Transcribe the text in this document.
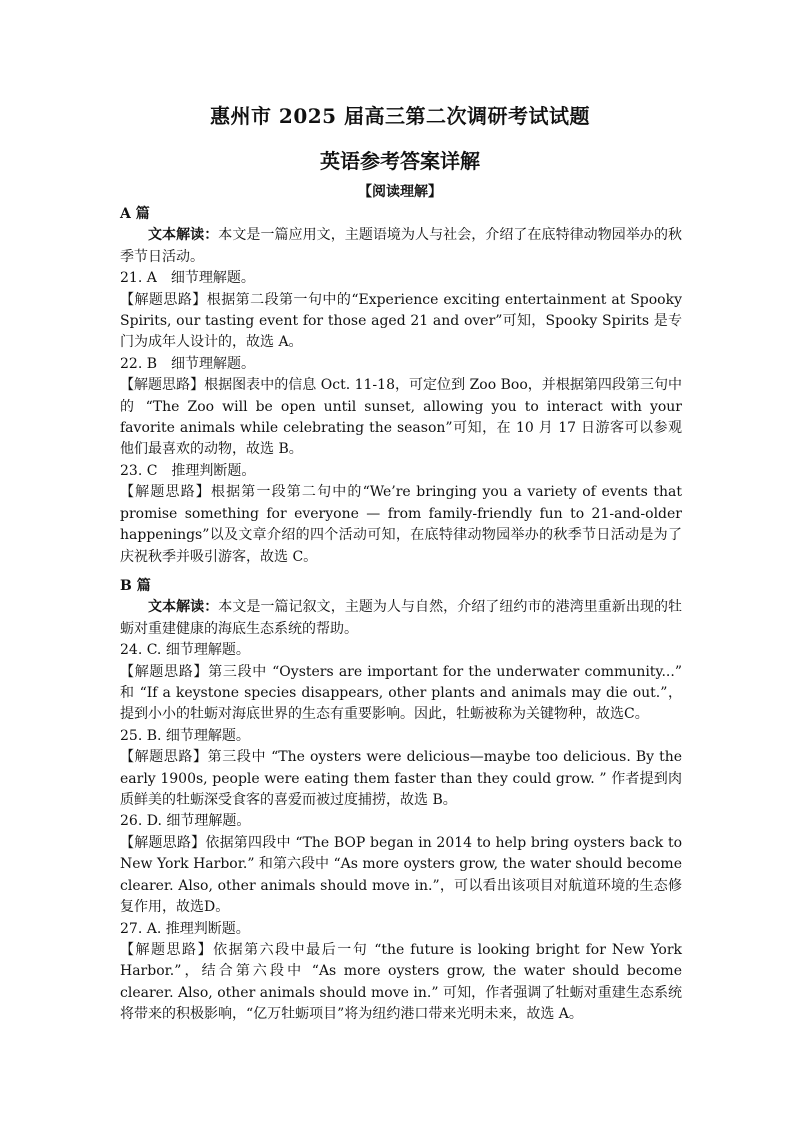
惠州市 2025 届高三第二次调研考试试题
英语参考答案详解
【阅读理解】

A 篇

文本解读：本文是一篇应用文，主题语境为人与社会，介绍了在底特律动物园举办的秋季节日活动。

21. A　细节理解题。

【解题思路】根据第二段第一句中的“Experience exciting entertainment at Spooky Spirits, our tasting event for those aged 21 and over”可知，Spooky Spirits 是专门为成年人设计的，故选 A。

22. B　细节理解题。

【解题思路】根据图表中的信息 Oct. 11-18，可定位到 Zoo Boo，并根据第四段第三句中的 “The Zoo will be open until sunset, allowing you to interact with your favorite animals while celebrating the season”可知，在 10 月 17 日游客可以参观他们最喜欢的动物，故选 B。

23. C　推理判断题。

【解题思路】根据第一段第二句中的“We’re bringing you a variety of events that promise something for everyone — from family-friendly fun to 21-and-older happenings”以及文章介绍的四个活动可知，在底特律动物园举办的秋季节日活动是为了庆祝秋季并吸引游客，故选 C。

B 篇

文本解读：本文是一篇记叙文，主题为人与自然，介绍了纽约市的港湾里重新出现的牡蛎对重建健康的海底生态系统的帮助。

24. C. 细节理解题。

【解题思路】第三段中 “Oysters are important for the underwater community...” 和 “If a keystone species disappears, other plants and animals may die out.”，提到小小的牡蛎对海底世界的生态有重要影响。因此，牡蛎被称为关键物种，故选C。

25. B. 细节理解题。

【解题思路】第三段中 “The oysters were delicious—maybe too delicious. By the early 1900s, people were eating them faster than they could grow. ” 作者提到肉质鲜美的牡蛎深受食客的喜爱而被过度捕捞，故选 B。

26. D. 细节理解题。

【解题思路】依据第四段中 “The BOP began in 2014 to help bring oysters back to New York Harbor.” 和第六段中 “As more oysters grow, the water should become clearer. Also, other animals should move in.”，可以看出该项目对航道环境的生态修复作用，故选D。

27. A. 推理判断题。

【解题思路】依据第六段中最后一句 “the future is looking bright for New York Harbor.”，结合第六段中 “As more oysters grow, the water should become clearer. Also, other animals should move in.” 可知，作者强调了牡蛎对重建生态系统将带来的积极影响，“亿万牡蛎项目”将为纽约港口带来光明未来，故选 A。
